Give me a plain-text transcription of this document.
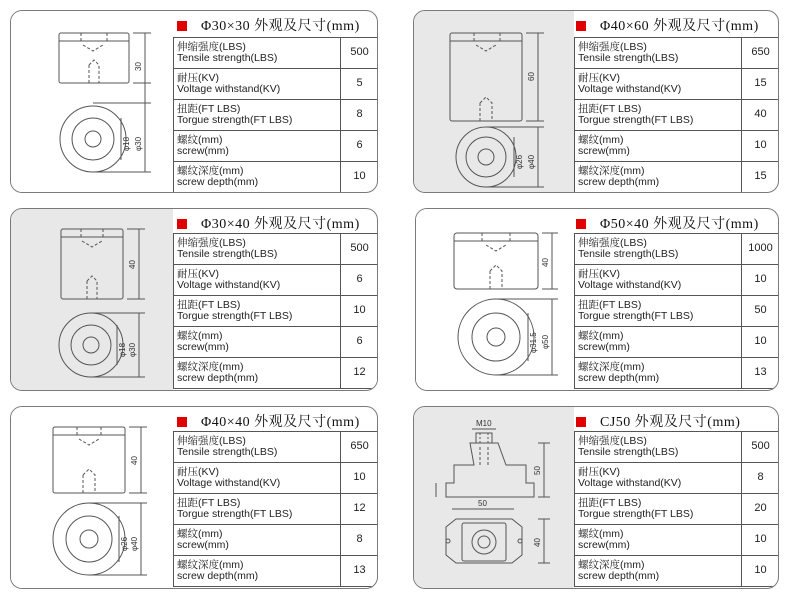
30
φ18 φ30
Φ30×30 外观及尺寸(mm)
伸缩强度(LBS)
Tensile strength(LBS)	500

耐压(KV)
Voltage withstand(KV)	5

扭距(FT LBS)
Torgue strength(FT LBS)	8

螺纹(mm)
screw(mm)	6

螺纹深度(mm)
screw depth(mm)	10
60
φ26 φ40
Φ40×60 外观及尺寸(mm)
伸缩强度(LBS)
Tensile strength(LBS)	650

耐压(KV)
Voltage withstand(KV)	15

扭距(FT LBS)
Torgue strength(FT LBS)	40

螺纹(mm)
screw(mm)	10

螺纹深度(mm)
screw depth(mm)	15
40
φ18 φ30
Φ30×40 外观及尺寸(mm)
伸缩强度(LBS)
Tensile strength(LBS)	500

耐压(KV)
Voltage withstand(KV)	6

扭距(FT LBS)
Torgue strength(FT LBS)	10

螺纹(mm)
screw(mm)	6

螺纹深度(mm)
screw depth(mm)	12
40
φ31.5 φ50
Φ50×40 外观及尺寸(mm)
伸缩强度(LBS)
Tensile strength(LBS)	1000

耐压(KV)
Voltage withstand(KV)	10

扭距(FT LBS)
Torgue strength(FT LBS)	50

螺纹(mm)
screw(mm)	10

螺纹深度(mm)
screw depth(mm)	13
40
φ26 φ40
Φ40×40 外观及尺寸(mm)
伸缩强度(LBS)
Tensile strength(LBS)	650

耐压(KV)
Voltage withstand(KV)	10

扭距(FT LBS)
Torgue strength(FT LBS)	12

螺纹(mm)
screw(mm)	8

螺纹深度(mm)
screw depth(mm)	13
M10
50
50
40
CJ50 外观及尺寸(mm)
伸缩强度(LBS)
Tensile strength(LBS)	500

耐压(KV)
Voltage withstand(KV)	8

扭距(FT LBS)
Torgue strength(FT LBS)	20

螺纹(mm)
screw(mm)	10

螺纹深度(mm)
screw depth(mm)	10
